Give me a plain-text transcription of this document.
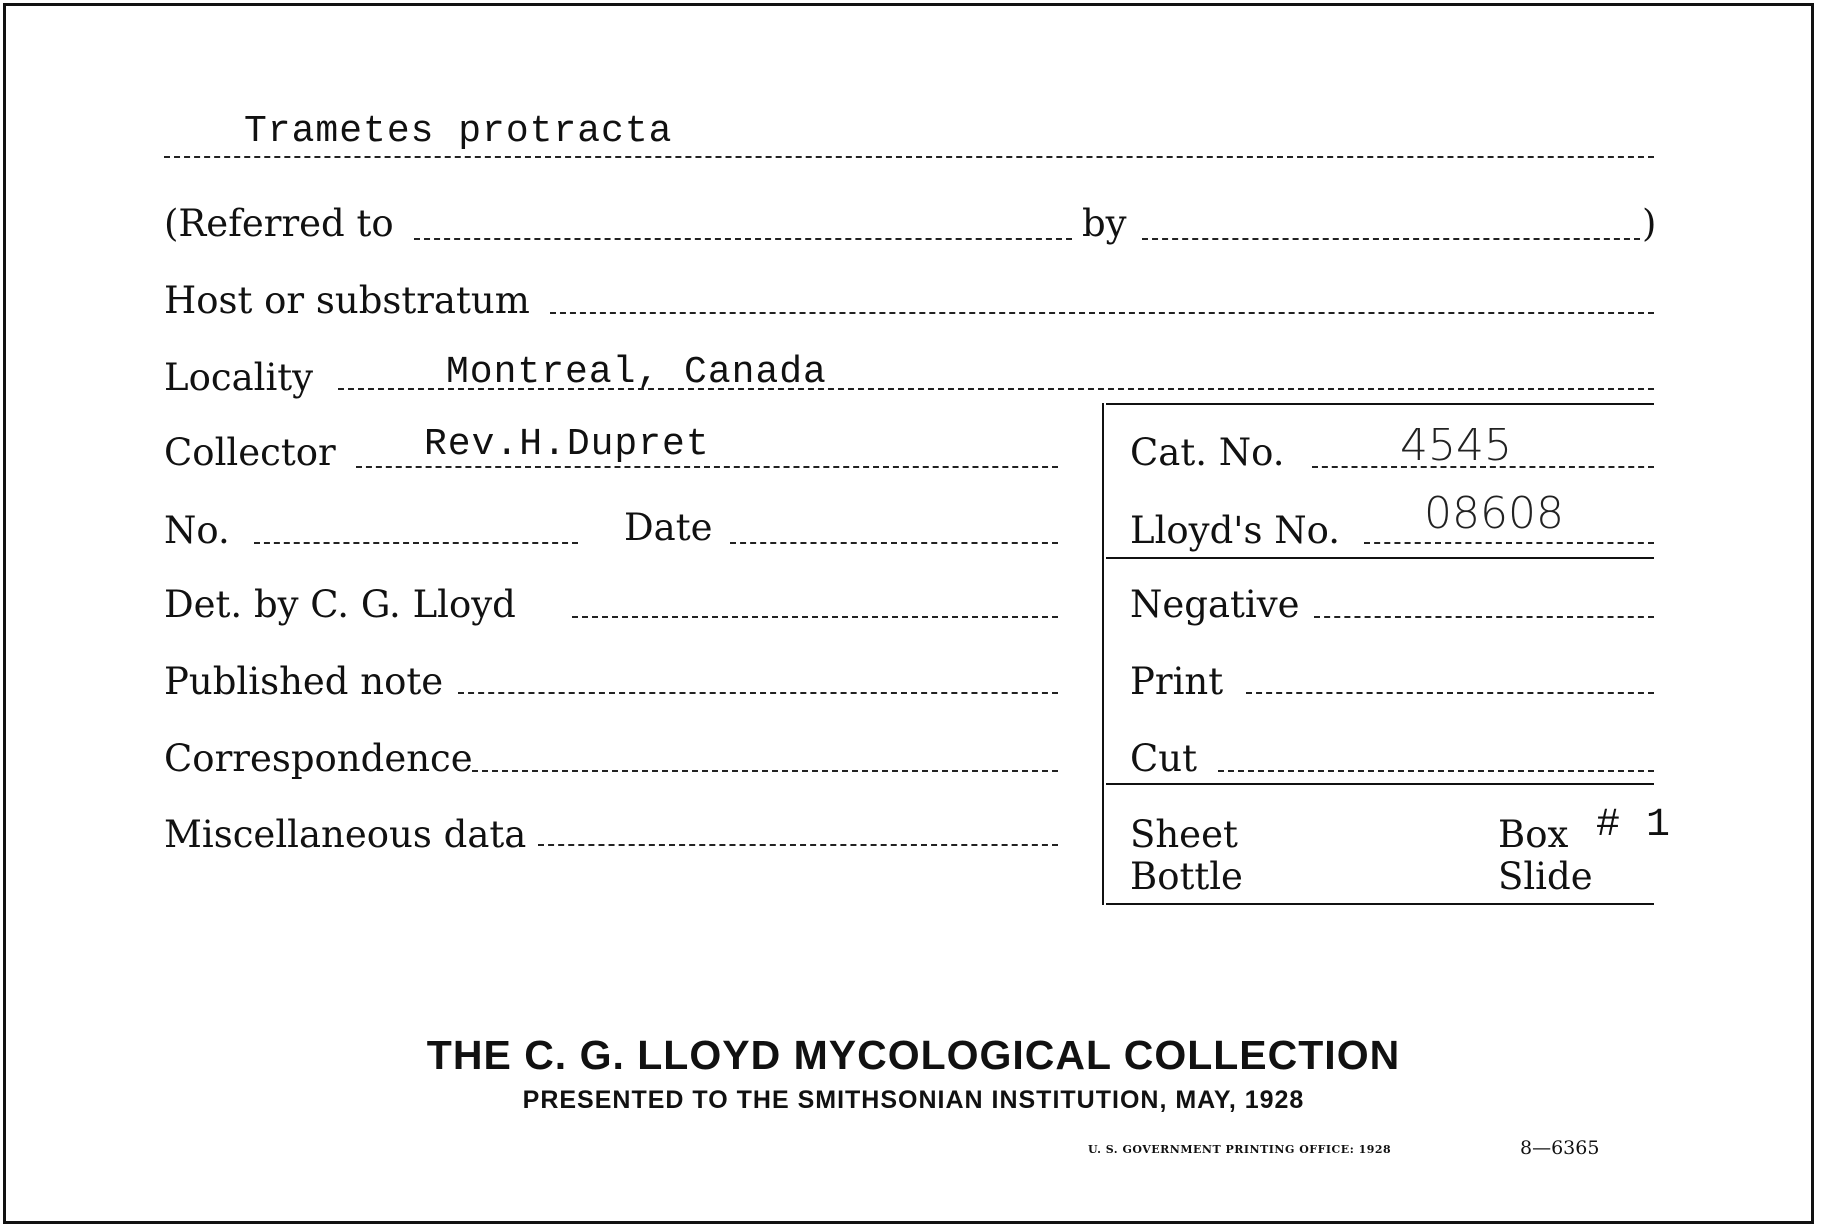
Trametes protracta
(Referred to	by	)
Host or substratum
Locality	Montreal, Canada
Collector Rev.H.Dupret
No.	Date
Det. by C. G. Lloyd
Published note
Correspondence
Miscellaneous data
Cat. No.	4545
Lloyd's No. 08608
Negative
Print
Cut
Sheet
Bottle
Box # 1
Slide
THE C. G. LLOYD MYCOLOGICAL COLLECTION
PRESENTED TO THE SMITHSONIAN INSTITUTION, MAY, 1928
U. S. GOVERNMENT PRINTING OFFICE: 1928	8—6365
